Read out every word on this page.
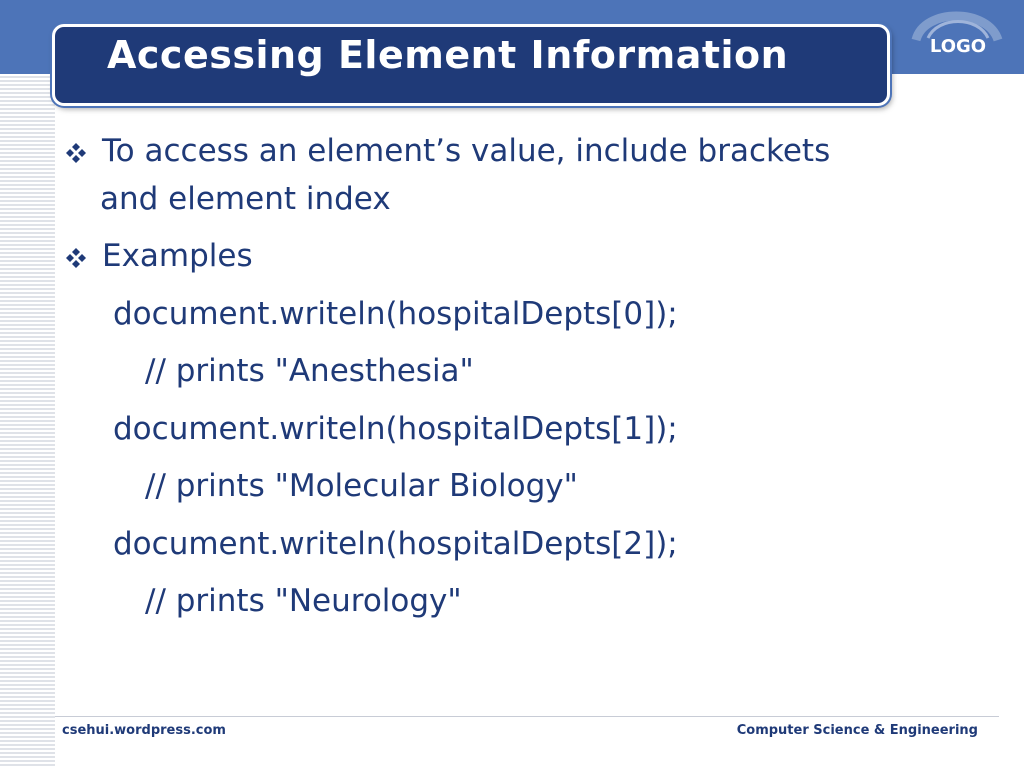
Accessing Element Information	LOGO
To access an element’s value, include brackets
and element index
Examples
document.writeln(hospitalDepts[0]);
// prints "Anesthesia"
document.writeln(hospitalDepts[1]);
// prints "Molecular Biology"
document.writeln(hospitalDepts[2]);
// prints "Neurology"
csehui.wordpress.com	Computer Science & Engineering
